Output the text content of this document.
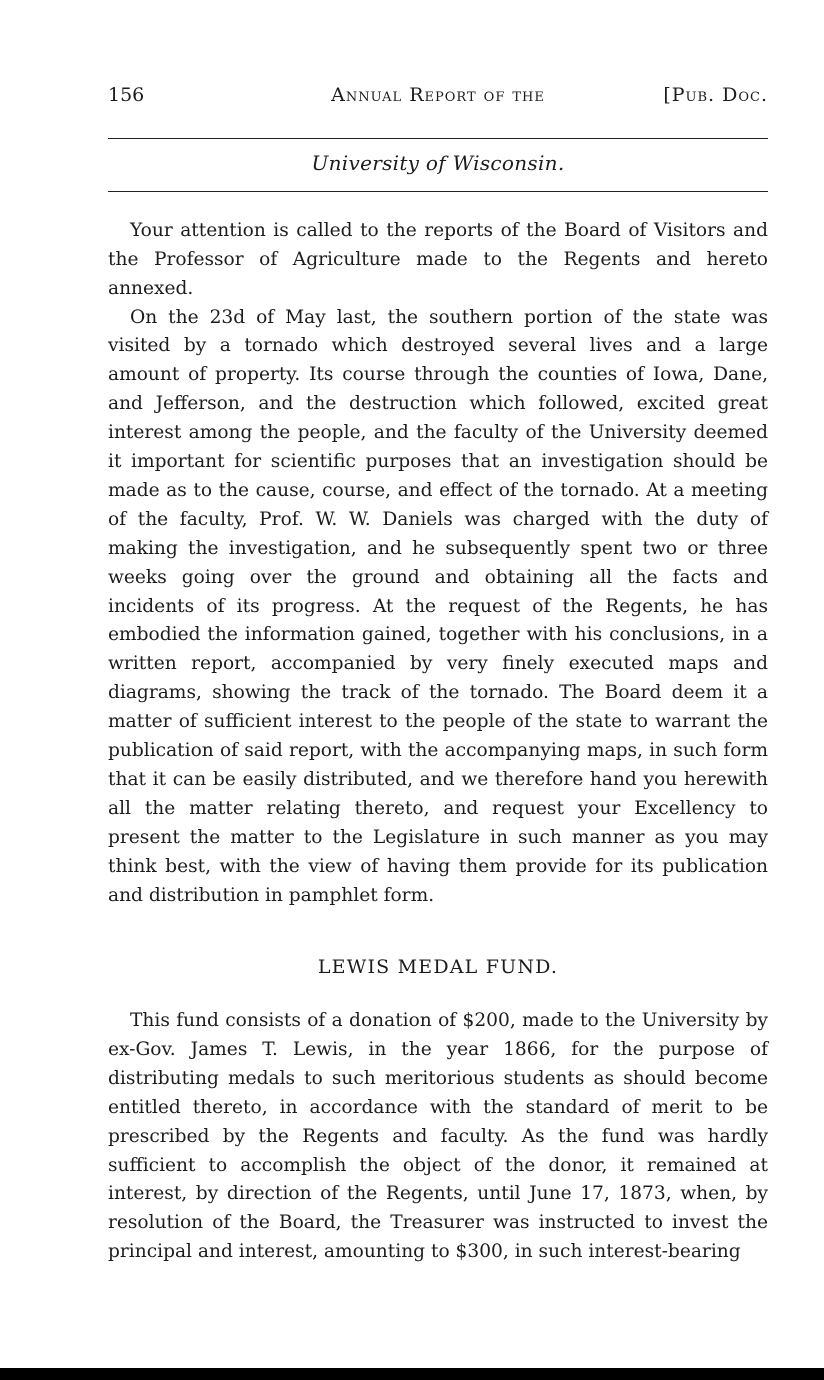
156	Annual Report of the	[Pub. Doc.
University of Wisconsin.

Your attention is called to the reports of the Board of Visitors and the Professor of Agriculture made to the Regents and hereto annexed.

On the 23d of May last, the southern portion of the state was visited by a tornado which destroyed several lives and a large amount of property. Its course through the counties of Iowa, Dane, and Jefferson, and the destruction which followed, excited great interest among the people, and the faculty of the University deemed it important for scientific purposes that an investigation should be made as to the cause, course, and effect of the tornado. At a meeting of the faculty, Prof. W. W. Daniels was charged with the duty of making the investigation, and he subsequently spent two or three weeks going over the ground and obtaining all the facts and incidents of its progress. At the request of the Regents, he has embodied the information gained, together with his conclusions, in a written report, accompanied by very finely executed maps and diagrams, showing the track of the tornado. The Board deem it a matter of sufficient interest to the people of the state to warrant the publication of said report, with the accompanying maps, in such form that it can be easily distributed, and we therefore hand you herewith all the matter relating thereto, and request your Excellency to present the matter to the Legislature in such manner as you may think best, with the view of having them provide for its publication and distribution in pamphlet form.

LEWIS MEDAL FUND.

This fund consists of a donation of $200, made to the University by ex-Gov. James T. Lewis, in the year 1866, for the purpose of distributing medals to such meritorious students as should become entitled thereto, in accordance with the standard of merit to be prescribed by the Regents and faculty. As the fund was hardly sufficient to accomplish the object of the donor, it remained at interest, by direction of the Regents, until June 17, 1873, when, by resolution of the Board, the Treasurer was instructed to invest the principal and interest, amounting to $300, in such interest-bearing
